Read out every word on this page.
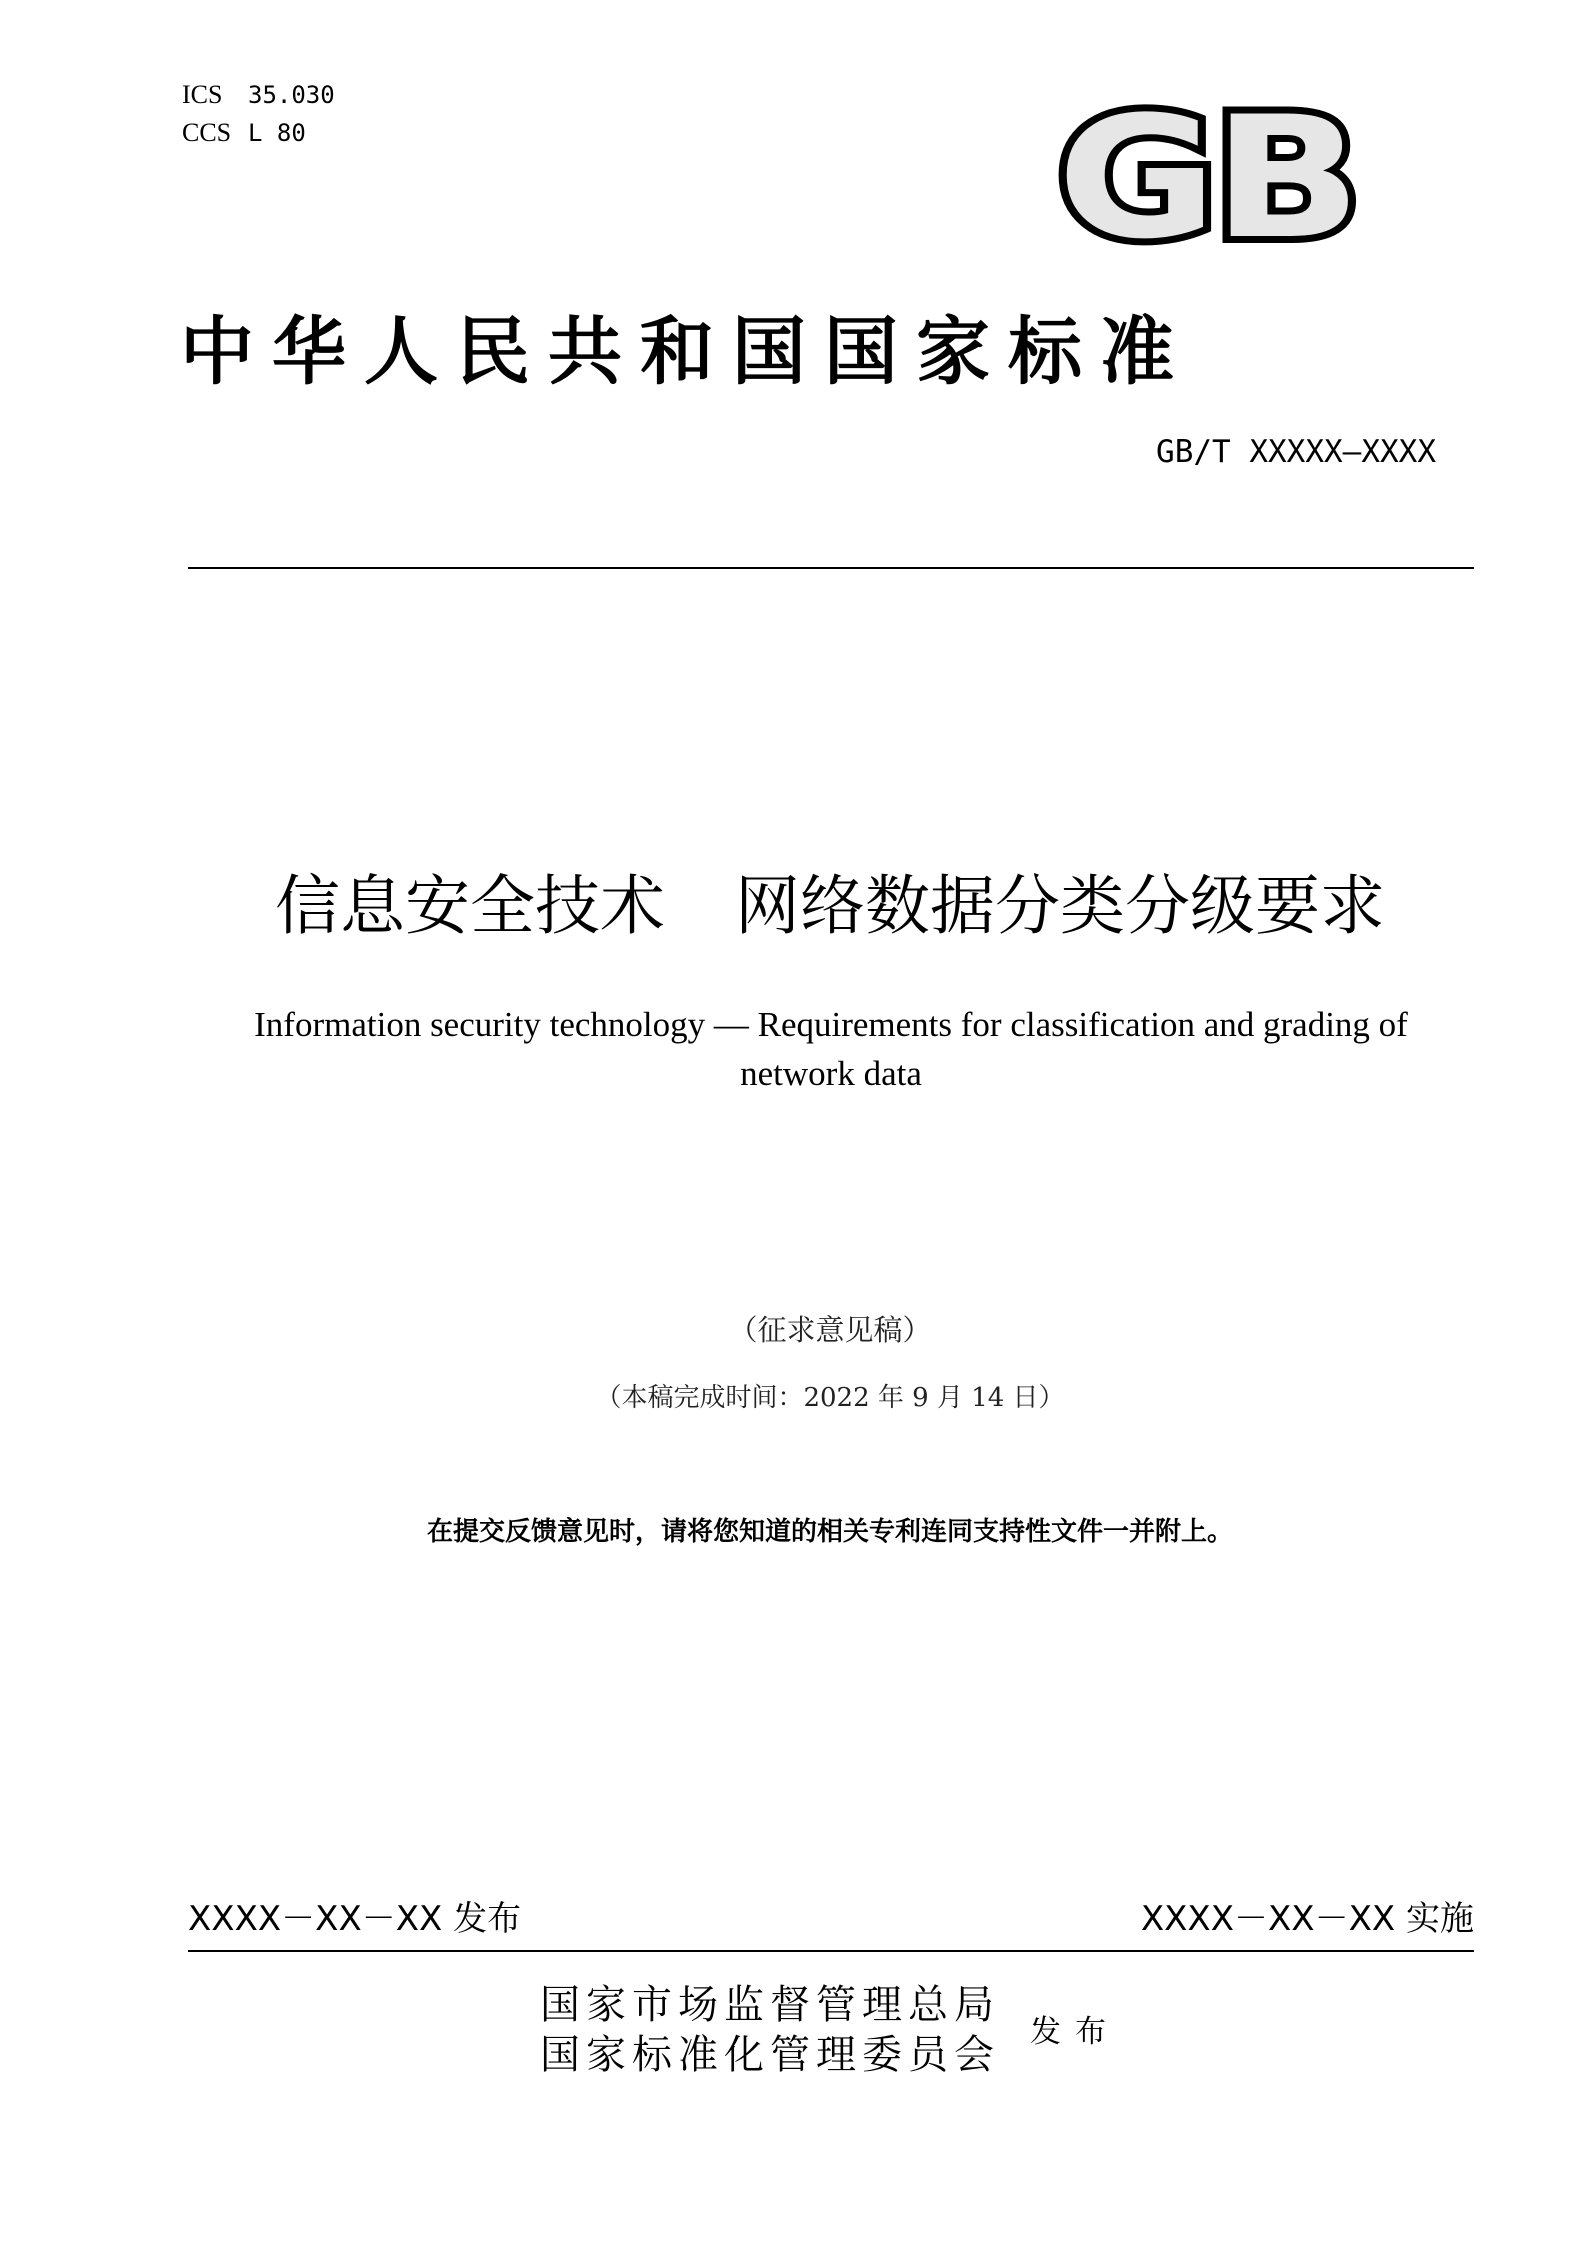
ICS 35.030
CCS L 80	GB
中华人民共和国国家标准
GB/T XXXXX—XXXX
信息安全技术 网络数据分类分级要求
Information security technology — Requirements for classification and grading of network data
（征求意见稿）
（本稿完成时间：2022 年 9 月 14 日）
在提交反馈意见时，请将您知道的相关专利连同支持性文件一并附上。
XXXX－XX－XX 发布	XXXX－XX－XX 实施
国家市场监督管理总局
国家标准化管理委员会 发布
